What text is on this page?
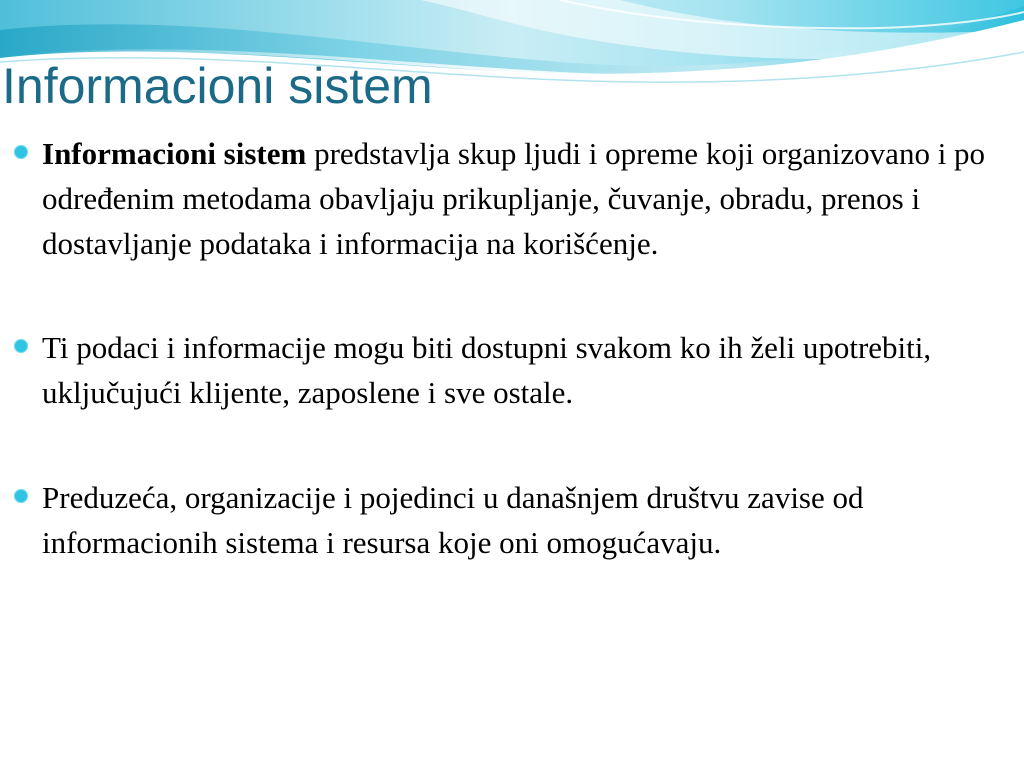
Informacioni sistem
Informacioni sistem predstavlja skup ljudi i opreme koji organizovano i po određenim metodama obavljaju prikupljanje, čuvanje, obradu, prenos i dostavljanje podataka i informacija na korišćenje.
Ti podaci i informacije mogu biti dostupni svakom ko ih želi upotrebiti, uključujući klijente, zaposlene i sve ostale.
Preduzeća, organizacije i pojedinci u današnjem društvu zavise od informacionih sistema i resursa koje oni omogućavaju.
